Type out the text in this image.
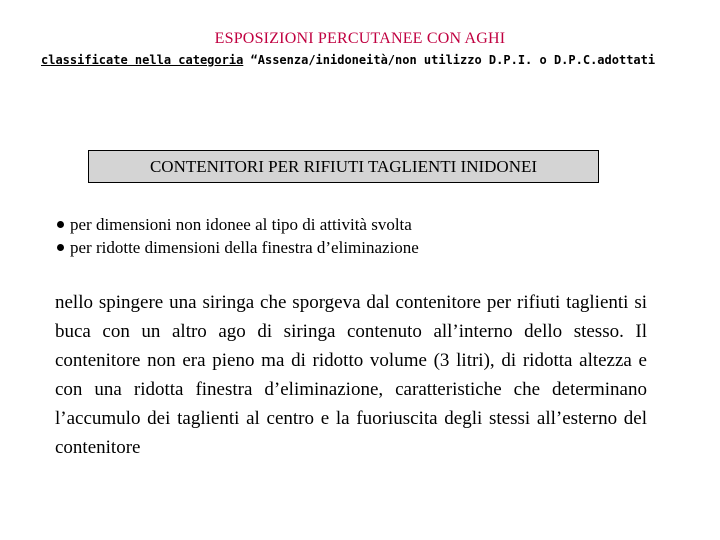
ESPOSIZIONI PERCUTANEE CON AGHI
classificate nella categoria “Assenza/inidoneità/non utilizzo D.P.I. o D.P.C.adottati
CONTENITORI PER RIFIUTI TAGLIENTI INIDONEI
per dimensioni non idonee al tipo di attività svolta
per ridotte dimensioni della finestra d’eliminazione

nello spingere una siringa che sporgeva dal contenitore per rifiuti taglienti si buca con un altro ago di siringa contenuto all’interno dello stesso. Il contenitore non era pieno ma di ridotto volume (3 litri), di ridotta altezza e con una ridotta finestra d’eliminazione, caratteristiche che determinano l’accumulo dei taglienti al centro e la fuoriuscita degli stessi all’esterno del contenitore
